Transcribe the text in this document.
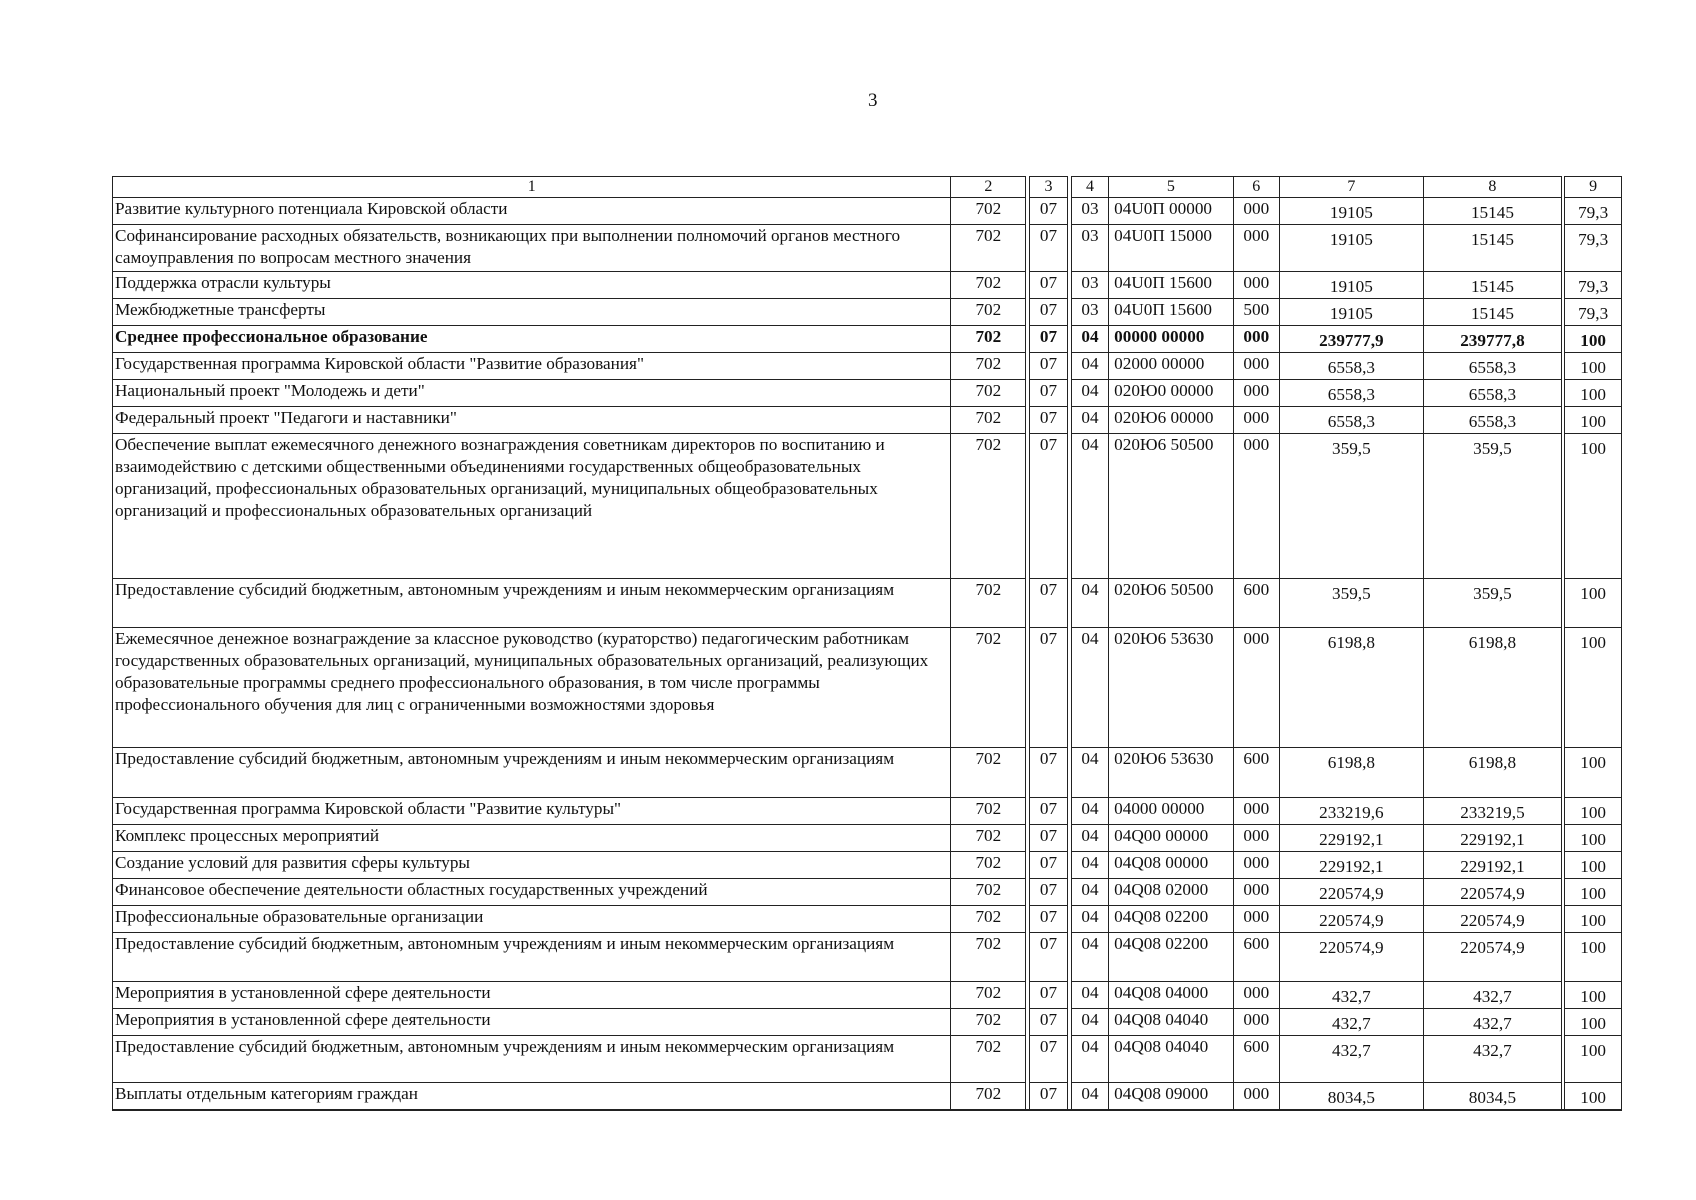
3
1	2		3		4	5	6	7	8		9
Развитие культурного потенциала Кировской области	702		07		03	04U0П 00000	000	19105	15145		79,3
Софинансирование расходных обязательств, возникающих при выполнении полномочий органов местного самоуправления по вопросам местного значения	702		07		03	04U0П 15000	000	19105	15145		79,3
Поддержка отрасли культуры	702		07		03	04U0П 15600	000	19105	15145		79,3
Межбюджетные трансферты	702		07		03	04U0П 15600	500	19105	15145		79,3
Среднее профессиональное образование	702		07		04	00000 00000	000	239777,9	239777,8		100
Государственная программа Кировской области "Развитие образования"	702		07		04	02000 00000	000	6558,3	6558,3		100
Национальный проект "Молодежь и дети"	702		07		04	020Ю0 00000	000	6558,3	6558,3		100
Федеральный проект "Педагоги и наставники"	702		07		04	020Ю6 00000	000	6558,3	6558,3		100
Обеспечение выплат ежемесячного денежного вознаграждения советникам директоров по воспитанию и взаимодействию с детскими общественными объединениями государственных общеобразовательных организаций, профессиональных образовательных организаций, муниципальных общеобразовательных организаций и профессиональных образовательных организаций	702		07		04	020Ю6 50500	000	359,5	359,5		100
Предоставление субсидий бюджетным, автономным учреждениям и иным некоммерческим организациям	702		07		04	020Ю6 50500	600	359,5	359,5		100
Ежемесячное денежное вознаграждение за классное руководство (кураторство) педагогическим работникам государственных образовательных организаций, муниципальных образовательных организаций, реализующих образовательные программы среднего профессионального образования, в том числе программы профессионального обучения для лиц с ограниченными возможностями здоровья	702		07		04	020Ю6 53630	000	6198,8	6198,8		100
Предоставление субсидий бюджетным, автономным учреждениям и иным некоммерческим организациям	702		07		04	020Ю6 53630	600	6198,8	6198,8		100
Государственная программа Кировской области "Развитие культуры"	702		07		04	04000 00000	000	233219,6	233219,5		100
Комплекс процессных мероприятий	702		07		04	04Q00 00000	000	229192,1	229192,1		100
Создание условий для развития сферы культуры	702		07		04	04Q08 00000	000	229192,1	229192,1		100
Финансовое обеспечение деятельности областных государственных учреждений	702		07		04	04Q08 02000	000	220574,9	220574,9		100
Профессиональные образовательные организации	702		07		04	04Q08 02200	000	220574,9	220574,9		100
Предоставление субсидий бюджетным, автономным учреждениям и иным некоммерческим организациям	702		07		04	04Q08 02200	600	220574,9	220574,9		100
Мероприятия в установленной сфере деятельности	702		07		04	04Q08 04000	000	432,7	432,7		100
Мероприятия в установленной сфере деятельности	702		07		04	04Q08 04040	000	432,7	432,7		100
Предоставление субсидий бюджетным, автономным учреждениям и иным некоммерческим организациям	702		07		04	04Q08 04040	600	432,7	432,7		100
Выплаты отдельным категориям граждан	702		07		04	04Q08 09000	000	8034,5	8034,5		100
